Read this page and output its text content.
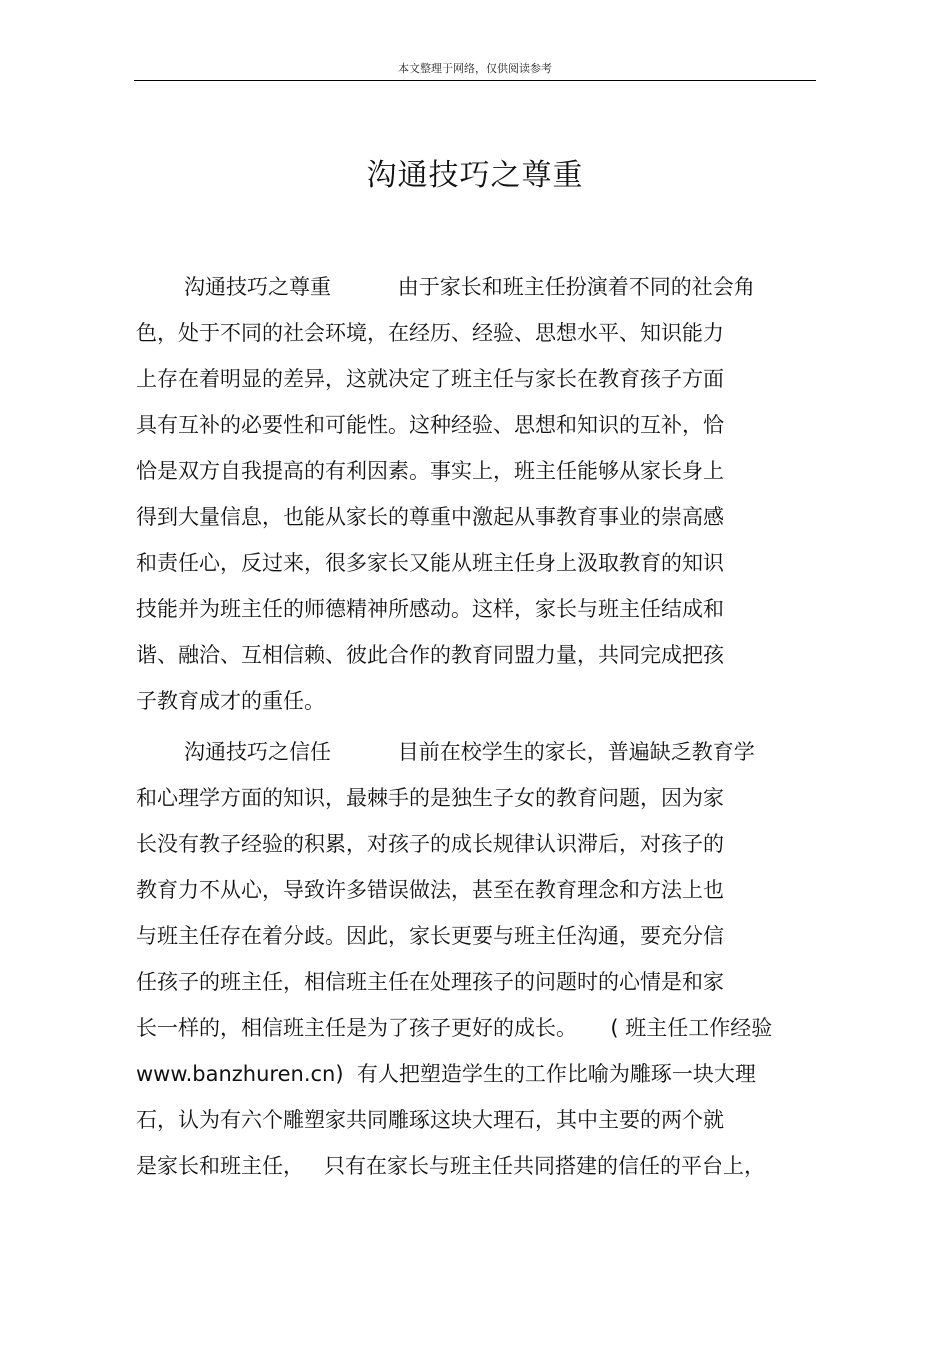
本文整理于网络，仅供阅读参考
沟通技巧之尊重
沟通技巧之尊重          由于家长和班主任扮演着不同的社会角
色，处于不同的社会环境，在经历、经验、思想水平、知识能力
上存在着明显的差异，这就决定了班主任与家长在教育孩子方面
具有互补的必要性和可能性。这种经验、思想和知识的互补，恰
恰是双方自我提高的有利因素。事实上，班主任能够从家长身上
得到大量信息，也能从家长的尊重中激起从事教育事业的崇高感
和责任心，反过来，很多家长又能从班主任身上汲取教育的知识
技能并为班主任的师德精神所感动。这样，家长与班主任结成和
谐、融洽、互相信赖、彼此合作的教育同盟力量，共同完成把孩
子教育成才的重任。
沟通技巧之信任          目前在校学生的家长，普遍缺乏教育学
和心理学方面的知识，最棘手的是独生子女的教育问题，因为家
长没有教子经验的积累，对孩子的成长规律认识滞后，对孩子的
教育力不从心，导致许多错误做法，甚至在教育理念和方法上也
与班主任存在着分歧。因此，家长更要与班主任沟通，要充分信
任孩子的班主任，相信班主任在处理孩子的问题时的心情是和家
长一样的，相信班主任是为了孩子更好的成长。     ( 班主任工作经验
www.banzhuren.cn)  有人把塑造学生的工作比喻为雕琢一块大理
石，认为有六个雕塑家共同雕琢这块大理石，其中主要的两个就
是家长和班主任，   只有在家长与班主任共同搭建的信任的平台上，
